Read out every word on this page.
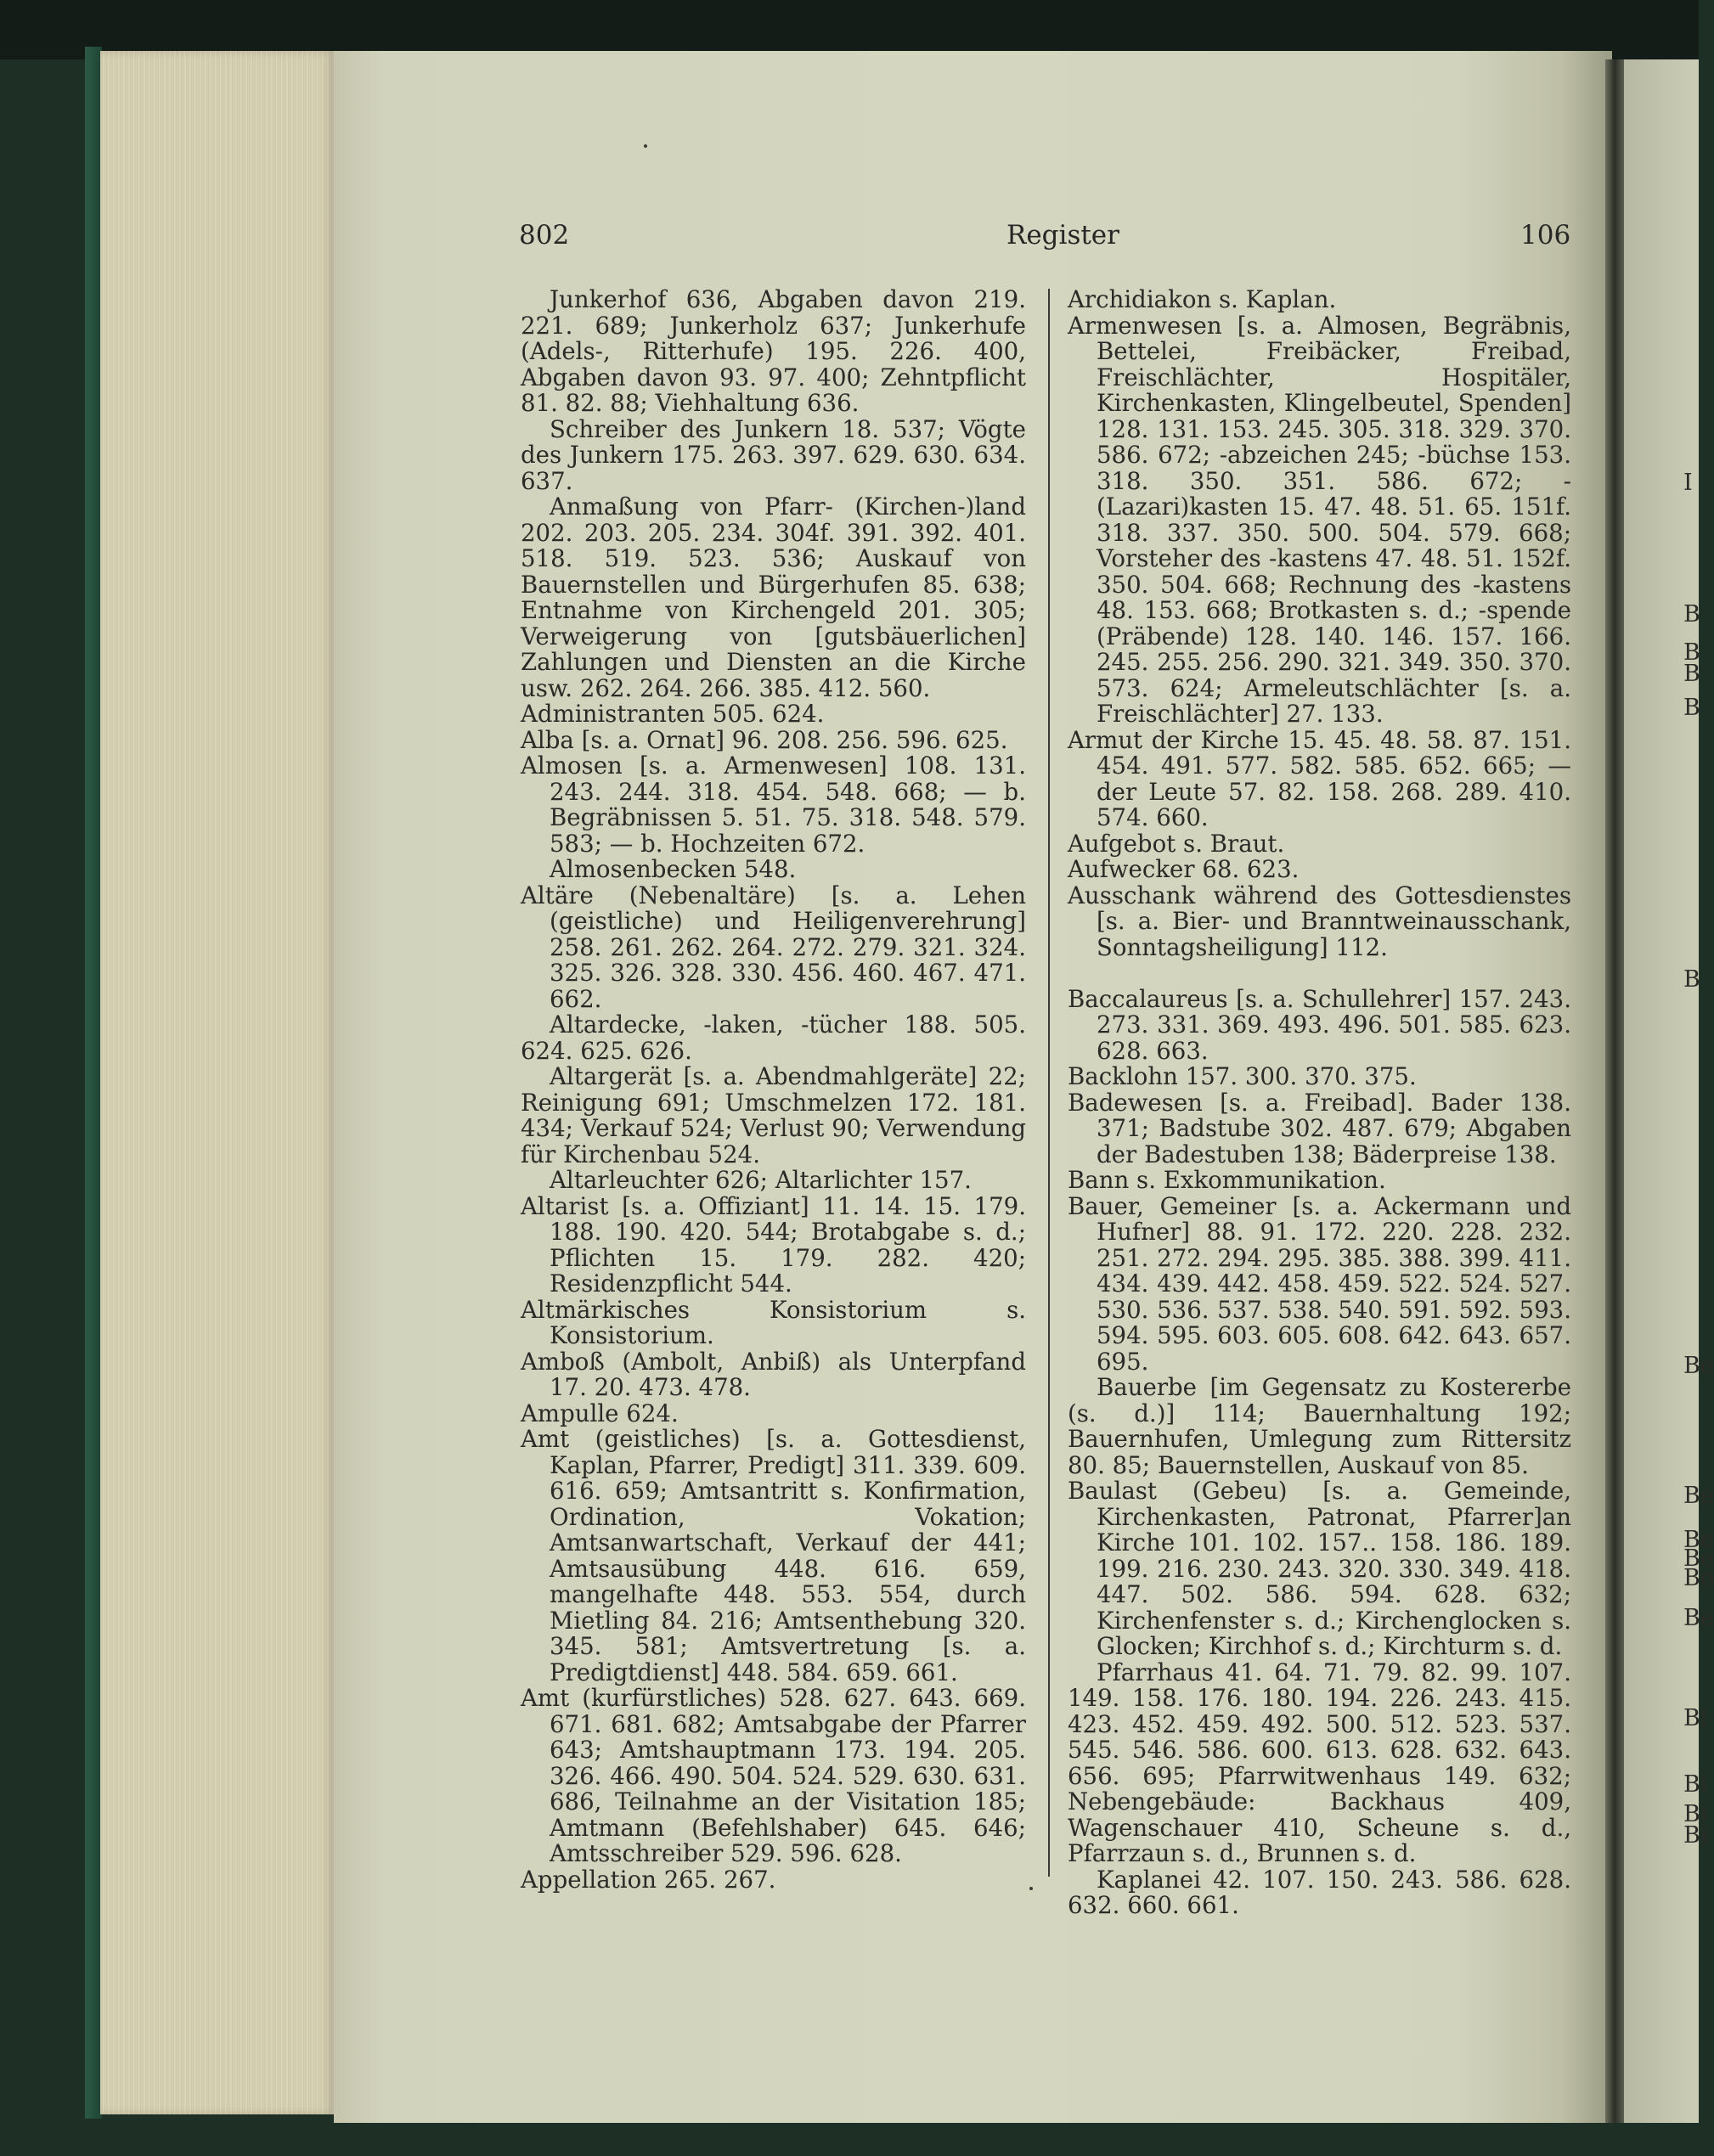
802	Register	106
Junkerhof 636, Abgaben davon 219. 221. 689; Junkerholz 637; Junkerhufe (Adels-, Ritterhufe) 195. 226. 400, Abgaben davon 93. 97. 400; Zehntpflicht 81. 82. 88; Viehhaltung 636.
Schreiber des Junkern 18. 537; Vögte des Junkern 175. 263. 397. 629. 630. 634. 637.
Anmaßung von Pfarr- (Kirchen-)land 202. 203. 205. 234. 304f. 391. 392. 401. 518. 519. 523. 536; Auskauf von Bauernstellen und Bürgerhufen 85. 638; Entnahme von Kirchengeld 201. 305; Verweigerung von [gutsbäuerlichen] Zahlungen und Diensten an die Kirche usw. 262. 264. 266. 385. 412. 560.
Administranten 505. 624.
Alba [s. a. Ornat] 96. 208. 256. 596. 625.
Almosen [s. a. Armenwesen] 108. 131. 243. 244. 318. 454. 548. 668; — b. Begräbnissen 5. 51. 75. 318. 548. 579. 583; — b. Hochzeiten 672.
Almosenbecken 548.
Altäre (Nebenaltäre) [s. a. Lehen (geistliche) und Heiligenverehrung] 258. 261. 262. 264. 272. 279. 321. 324. 325. 326. 328. 330. 456. 460. 467. 471. 662.
Altardecke, -laken, -tücher 188. 505. 624. 625. 626.
Altargerät [s. a. Abendmahlgeräte] 22; Reinigung 691; Umschmelzen 172. 181. 434; Verkauf 524; Verlust 90; Verwendung für Kirchenbau 524.
Altarleuchter 626; Altarlichter 157.
Altarist [s. a. Offiziant] 11. 14. 15. 179. 188. 190. 420. 544; Brotabgabe s. d.; Pflichten 15. 179. 282. 420; Residenzpflicht 544.
Altmärkisches Konsistorium s. Konsistorium.
Amboß (Ambolt, Anbiß) als Unterpfand 17. 20. 473. 478.
Ampulle 624.
Amt (geistliches) [s. a. Gottesdienst, Kaplan, Pfarrer, Predigt] 311. 339. 609. 616. 659; Amtsantritt s. Konfirmation, Ordination, Vokation; Amtsanwartschaft, Verkauf der 441; Amtsausübung 448. 616. 659, mangelhafte 448. 553. 554, durch Mietling 84. 216; Amtsenthebung 320. 345. 581; Amtsvertretung [s. a. Predigtdienst] 448. 584. 659. 661.
Amt (kurfürstliches) 528. 627. 643. 669. 671. 681. 682; Amtsabgabe der Pfarrer 643; Amtshauptmann 173. 194. 205. 326. 466. 490. 504. 524. 529. 630. 631. 686, Teilnahme an der Visitation 185; Amtmann (Befehlshaber) 645. 646; Amtsschreiber 529. 596. 628.
Appellation 265. 267.
Archidiakon s. Kaplan.
Armenwesen [s. a. Almosen, Begräbnis, Bettelei, Freibäcker, Freibad, Freischlächter, Hospitäler, Kirchenkasten, Klingelbeutel, Spenden] 128. 131. 153. 245. 305. 318. 329. 370. 586. 672; -abzeichen 245; -büchse 153. 318. 350. 351. 586. 672; -(Lazari)kasten 15. 47. 48. 51. 65. 151f. 318. 337. 350. 500. 504. 579. 668; Vorsteher des -kastens 47. 48. 51. 152f. 350. 504. 668; Rechnung des -kastens 48. 153. 668; Brotkasten s. d.; -spende (Präbende) 128. 140. 146. 157. 166. 245. 255. 256. 290. 321. 349. 350. 370. 573. 624; Armeleutschlächter [s. a. Freischlächter] 27. 133.
Armut der Kirche 15. 45. 48. 58. 87. 151. 454. 491. 577. 582. 585. 652. 665; — der Leute 57. 82. 158. 268. 289. 410. 574. 660.
Aufgebot s. Braut.
Aufwecker 68. 623.
Ausschank während des Gottesdienstes [s. a. Bier- und Branntweinausschank, Sonntagsheiligung] 112.
Baccalaureus [s. a. Schullehrer] 157. 243. 273. 331. 369. 493. 496. 501. 585. 623. 628. 663.
Backlohn 157. 300. 370. 375.
Badewesen [s. a. Freibad]. Bader 138. 371; Badstube 302. 487. 679; Abgaben der Badestuben 138; Bäderpreise 138.
Bann s. Exkommunikation.
Bauer, Gemeiner [s. a. Ackermann und Hufner] 88. 91. 172. 220. 228. 232. 251. 272. 294. 295. 385. 388. 399. 411. 434. 439. 442. 458. 459. 522. 524. 527. 530. 536. 537. 538. 540. 591. 592. 593. 594. 595. 603. 605. 608. 642. 643. 657. 695.
Bauerbe [im Gegensatz zu Kostererbe (s. d.)] 114; Bauernhaltung 192; Bauernhufen, Umlegung zum Rittersitz 80. 85; Bauernstellen, Auskauf von 85.
Baulast (Gebeu) [s. a. Gemeinde, Kirchenkasten, Patronat, Pfarrer]an Kirche 101. 102. 157.. 158. 186. 189. 199. 216. 230. 243. 320. 330. 349. 418. 447. 502. 586. 594. 628. 632; Kirchenfenster s. d.; Kirchenglocken s. Glocken; Kirchhof s. d.; Kirchturm s. d.
Pfarrhaus 41. 64. 71. 79. 82. 99. 107. 149. 158. 176. 180. 194. 226. 243. 415. 423. 452. 459. 492. 500. 512. 523. 537. 545. 546. 586. 600. 613. 628. 632. 643. 656. 695; Pfarrwitwenhaus 149. 632; Nebengebäude: Backhaus 409, Wagenschauer 410, Scheune s. d., Pfarrzaun s. d., Brunnen s. d.
Kaplanei 42. 107. 150. 243. 586. 628. 632. 660. 661.
I
B
B
B
B
B
Be
Be
Be
Be
Be
Be
Bi
Bi
Bi
Bi
